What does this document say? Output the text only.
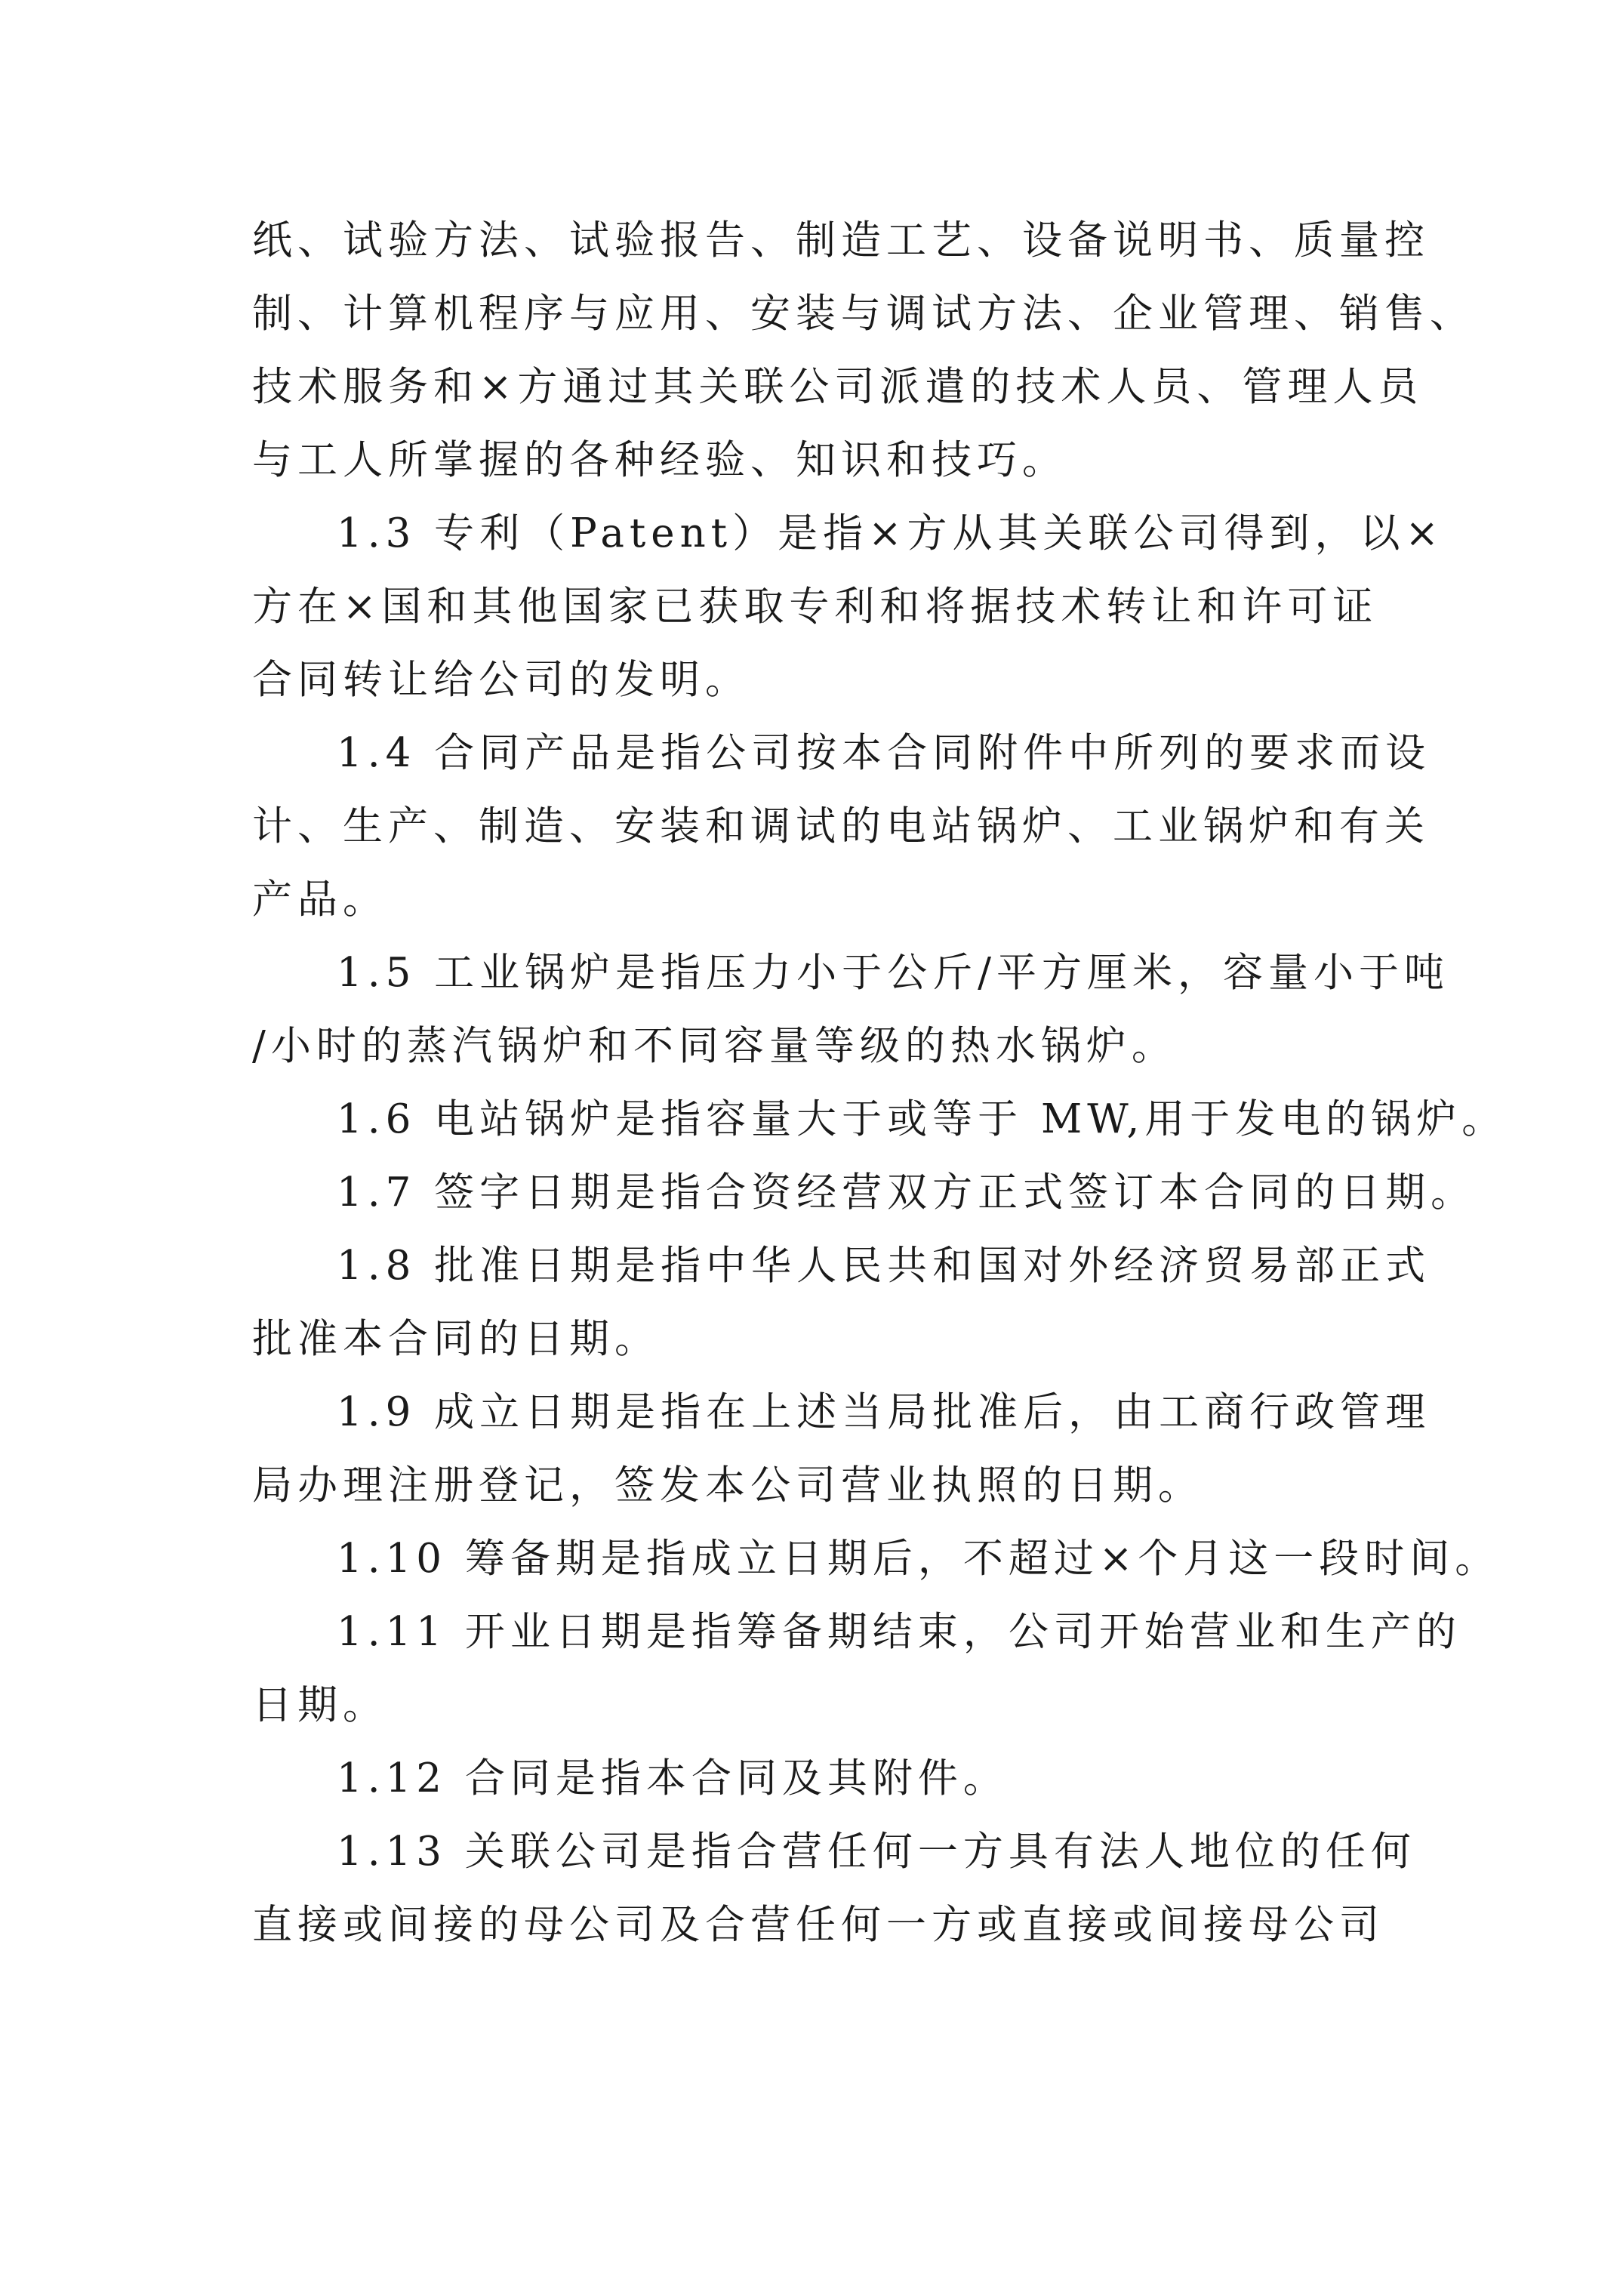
纸、试验方法、试验报告、制造工艺、设备说明书、质量控
制、计算机程序与应用、安装与调试方法、企业管理、销售、
技术服务和×方通过其关联公司派遣的技术人员、管理人员
与工人所掌握的各种经验、知识和技巧。

1.3 专利（Patent）是指×方从其关联公司得到，以×
方在×国和其他国家已获取专利和将据技术转让和许可证
合同转让给公司的发明。

1.4 合同产品是指公司按本合同附件中所列的要求而设
计、生产、制造、安装和调试的电站锅炉、工业锅炉和有关
产品。

1.5 工业锅炉是指压力小于公斤/平方厘米，容量小于吨
/小时的蒸汽锅炉和不同容量等级的热水锅炉。

1.6 电站锅炉是指容量大于或等于 MW,用于发电的锅炉。

1.7 签字日期是指合资经营双方正式签订本合同的日期。

1.8 批准日期是指中华人民共和国对外经济贸易部正式
批准本合同的日期。

1.9 成立日期是指在上述当局批准后，由工商行政管理
局办理注册登记，签发本公司营业执照的日期。

1.10 筹备期是指成立日期后，不超过×个月这一段时间。

1.11 开业日期是指筹备期结束，公司开始营业和生产的
日期。

1.12 合同是指本合同及其附件。

1.13 关联公司是指合营任何一方具有法人地位的任何
直接或间接的母公司及合营任何一方或直接或间接母公司
